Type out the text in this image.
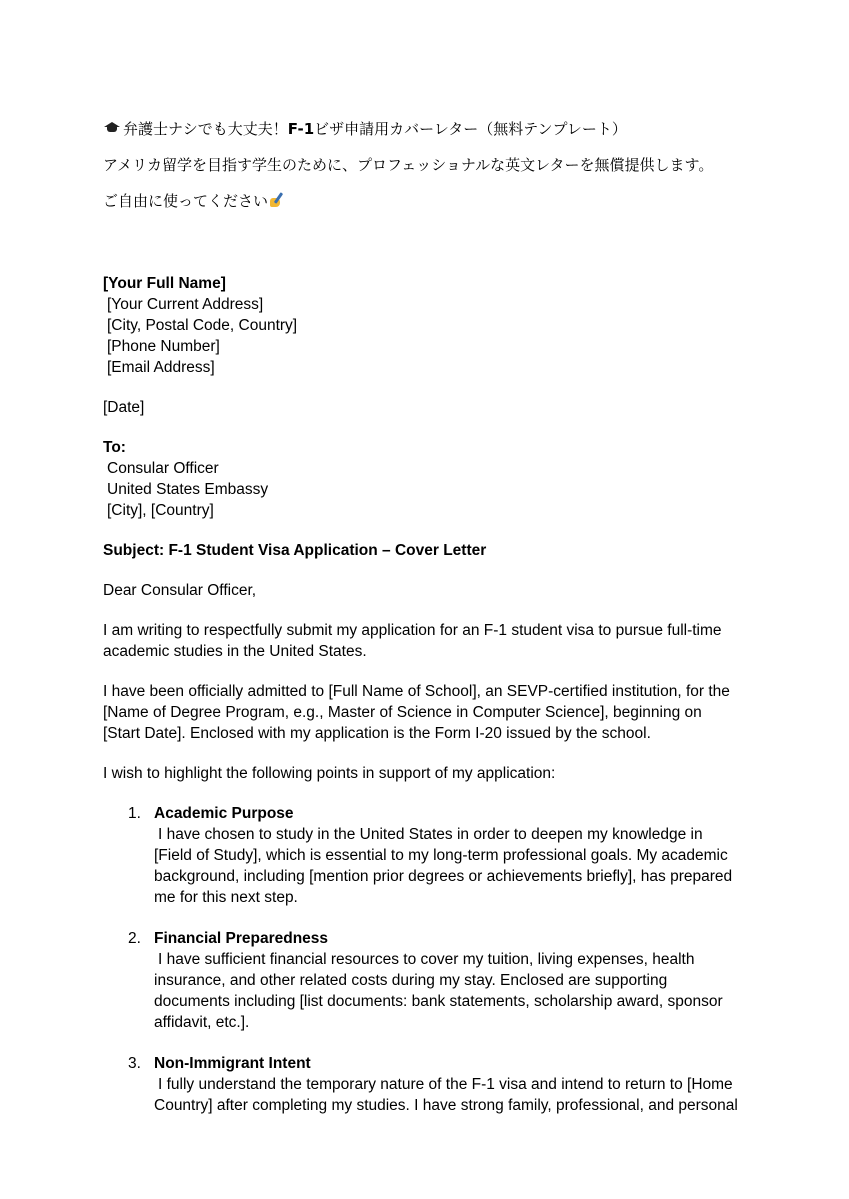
弁護士ナシでも大丈夫！F-1ビザ申請用カバーレター（無料テンプレート）

アメリカ留学を目指す学生のために、プロフェッショナルな英文レターを無償提供します。

ご自由に使ってください

[Your Full Name]
[Your Current Address]
[City, Postal Code, Country]
[Phone Number]
[Email Address]
[Date]
To:
Consular Officer
United States Embassy
[City], [Country]
Subject: F-1 Student Visa Application – Cover Letter
Dear Consular Officer,
I am writing to respectfully submit my application for an F-1 student visa to pursue full-time
academic studies in the United States.
I have been officially admitted to [Full Name of School], an SEVP-certified institution, for the
[Name of Degree Program, e.g., Master of Science in Computer Science], beginning on
[Start Date]. Enclosed with my application is the Form I-20 issued by the school.
I wish to highlight the following points in support of my application:
1. Academic Purpose
I have chosen to study in the United States in order to deepen my knowledge in
[Field of Study], which is essential to my long-term professional goals. My academic
background, including [mention prior degrees or achievements briefly], has prepared
me for this next step.
2. Financial Preparedness
I have sufficient financial resources to cover my tuition, living expenses, health
insurance, and other related costs during my stay. Enclosed are supporting
documents including [list documents: bank statements, scholarship award, sponsor
affidavit, etc.].
3. Non-Immigrant Intent
I fully understand the temporary nature of the F-1 visa and intend to return to [Home
Country] after completing my studies. I have strong family, professional, and personal
